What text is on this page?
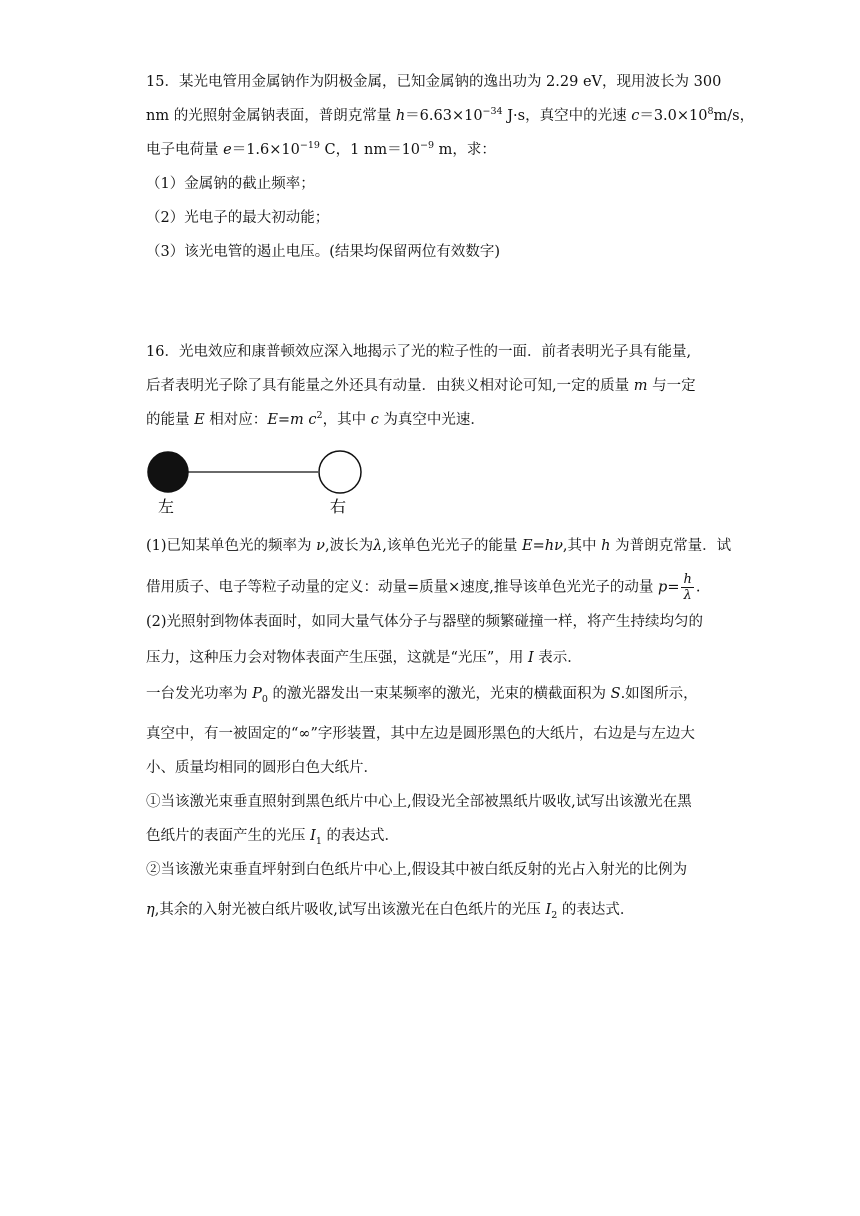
15．某光电管用金属钠作为阴极金属，已知金属钠的逸出功为 2.29 eV，现用波长为 300
nm 的光照射金属钠表面，普朗克常量 $h=6.63\times 10^{-34}$ J·s，真空中的光速 $c=3.0\times 10^8m/s$，
电子电荷量 $e=1.6\times 10^{-19}$ C，1 $nm=10^{-9}$ m，求：
（1）金属钠的截止频率；
（2）光电子的最大初动能；
（3）该光电管的遏止电压。(结果均保留两位有效数字)
16．光电效应和康普顿效应深入地揭示了光的粒子性的一面．前者表明光子具有能量,
后者表明光子除了具有能量之外还具有动量．由狭义相对论可知,一定的质量 m 与一定
的能量 E 相对应：E=m $c^2$，其中 c 为真空中光速．
左	右
(1)已知某单色光的频率为 ν,波长为λ,该单色光光子的能量 E=hν,其中 h 为普朗克常量．试
借用质子、电子等粒子动量的定义：动量=质量×速度,推导该单色光光子的动量 $p= \frac{h}{\lambda}$ .
(2)光照射到物体表面时，如同大量气体分子与器壁的频繁碰撞一样，将产生持续均匀的
压力，这种压力会对物体表面产生压强，这就是“光压”，用 I 表示．
一台发光功率为 $P_0$ 的激光器发出一束某频率的激光，光束的横截面积为 S.如图所示，
真空中，有一被固定的“∞”字形装置，其中左边是圆形黑色的大纸片，右边是与左边大
小、质量均相同的圆形白色大纸片．
①当该激光束垂直照射到黑色纸片中心上,假设光全部被黑纸片吸收,试写出该激光在黑
色纸片的表面产生的光压 $I_1$ 的表达式．
②当该激光束垂直坪射到白色纸片中心上,假设其中被白纸反射的光占入射光的比例为
η,其余的入射光被白纸片吸收,试写出该激光在白色纸片的光压 $I_2$ 的表达式．
